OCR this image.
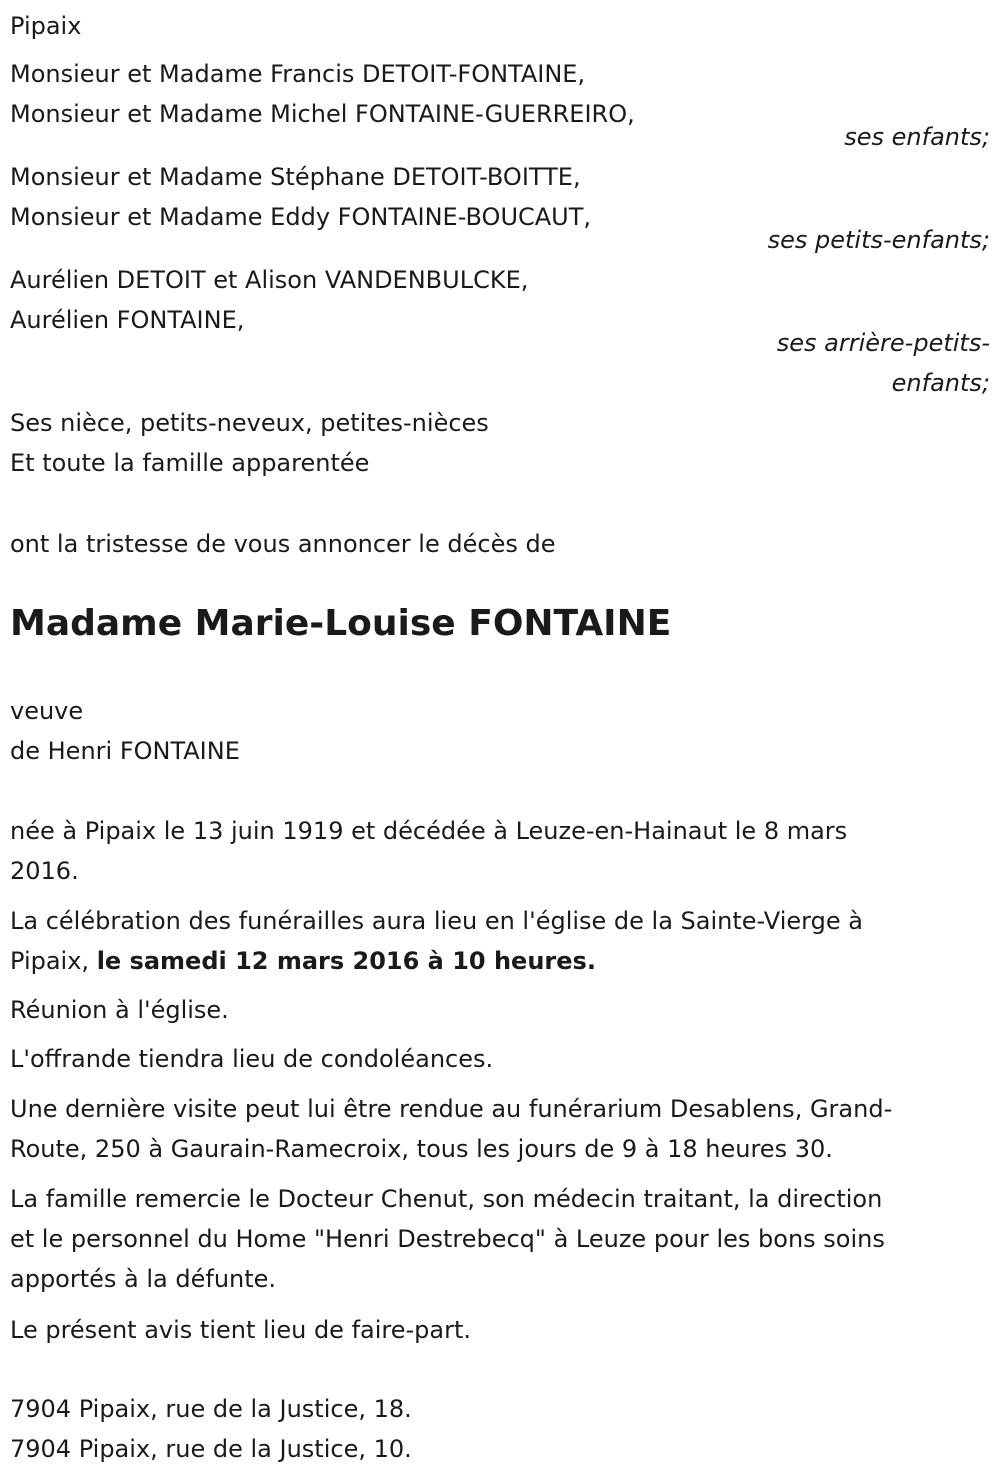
Pipaix
Monsieur et Madame Francis DETOIT-FONTAINE,
Monsieur et Madame Michel FONTAINE-GUERREIRO,
ses enfants;
Monsieur et Madame Stéphane DETOIT-BOITTE,
Monsieur et Madame Eddy FONTAINE-BOUCAUT,
ses petits-enfants;
Aurélien DETOIT et Alison VANDENBULCKE,
Aurélien FONTAINE,
ses arrière-petits-
enfants;
Ses nièce, petits-neveux, petites-nièces
Et toute la famille apparentée
ont la tristesse de vous annoncer le décès de
Madame Marie-Louise FONTAINE
veuve
de Henri FONTAINE
née à Pipaix le 13 juin 1919 et décédée à Leuze-en-Hainaut le 8 mars
2016.
La célébration des funérailles aura lieu en l'église de la Sainte-Vierge à
Pipaix, le samedi 12 mars 2016 à 10 heures.
Réunion à l'église.
L'offrande tiendra lieu de condoléances.
Une dernière visite peut lui être rendue au funérarium Desablens, Grand-
Route, 250 à Gaurain-Ramecroix, tous les jours de 9 à 18 heures 30.
La famille remercie le Docteur Chenut, son médecin traitant, la direction
et le personnel du Home "Henri Destrebecq" à Leuze pour les bons soins
apportés à la défunte.
Le présent avis tient lieu de faire-part.
7904 Pipaix, rue de la Justice, 18.
7904 Pipaix, rue de la Justice, 10.
